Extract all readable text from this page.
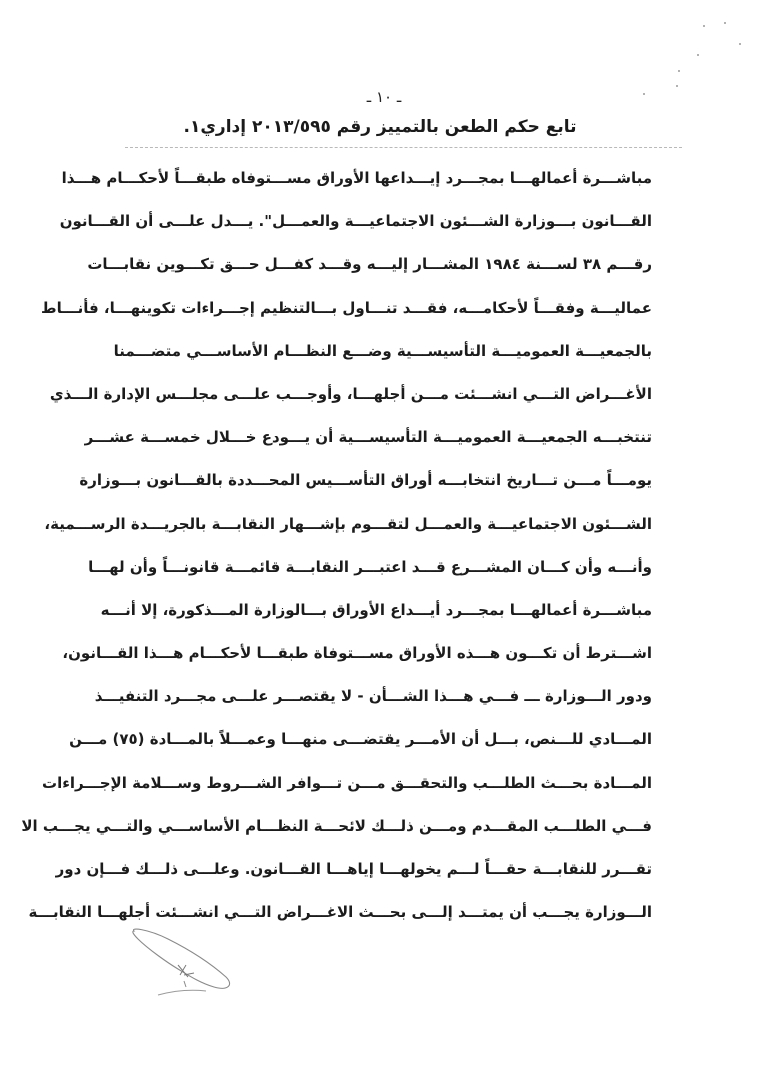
ـ ١٠ ـ
تابع حكم الطعن بالتمييز رقم ٢٠١٣/٥٩٥ إداري١.
مباشـــرة أعمالهـــا بمجـــرد إيـــداعها الأوراق مســـتوفاه طبقـــاً لأحكـــام هـــذا
القـــانون بـــوزارة الشـــئون الاجتماعيـــة والعمـــل". يـــدل علـــى أن القـــانون
رقـــم ٣٨ لســـنة ١٩٨٤ المشـــار إليـــه وقـــد كفـــل حـــق تكـــوين نقابـــات
عماليـــة وفقـــاً لأحكامـــه، فقـــد تنـــاول بـــالتنظيم إجـــراءات تكوينهـــا، فأنـــاط
بالجمعيـــة العموميـــة التأسيســـية وضـــع النظـــام الأساســـي متضـــمنا
الأغـــراض التـــي انشـــئت مـــن أجلهـــا، وأوجـــب علـــى مجلـــس الإدارة الـــذي
تنتخبـــه الجمعيـــة العموميـــة التأسيســـية أن يـــودع خـــلال خمســـة عشـــر
يومـــاً مـــن تـــاريخ انتخابـــه أوراق التأســـيس المحـــددة بالقـــانون بـــوزارة
الشـــئون الاجتماعيـــة والعمـــل لتقـــوم بإشـــهار النقابـــة بالجريـــدة الرســـمية،
وأنـــه وأن كـــان المشـــرع قـــد اعتبـــر النقابـــة قائمـــة قانونـــاً وأن لهـــا
مباشـــرة أعمالهـــا بمجـــرد أيـــداع الأوراق بـــالوزارة المـــذكورة، إلا أنـــه
اشـــترط أن تكـــون هـــذه الأوراق مســـتوفاة طبقـــا لأحكـــام هـــذا القـــانون،
ودور الـــوزارة ـــ فـــي هـــذا الشـــأن - لا يقتصـــر علـــى مجـــرد التنفيـــذ
المـــادي للـــنص، بـــل أن الأمـــر يقتضـــى منهـــا وعمـــلاً بالمـــادة (٧٥) مـــن
المـــادة بحـــث الطلـــب والتحقـــق مـــن تـــوافر الشـــروط وســـلامة الإجـــراءات
فـــي الطلـــب المقـــدم ومـــن ذلـــك لائحـــة النظـــام الأساســـي والتـــي يجـــب الا
تقـــرر للنقابـــة حقـــاً لـــم يخولهـــا إياهـــا القـــانون. وعلـــى ذلـــك فـــإن دور
الـــوزارة يجـــب أن يمتـــد إلـــى بحـــث الاغـــراض التـــي انشـــئت أجلهـــا النقابـــة
